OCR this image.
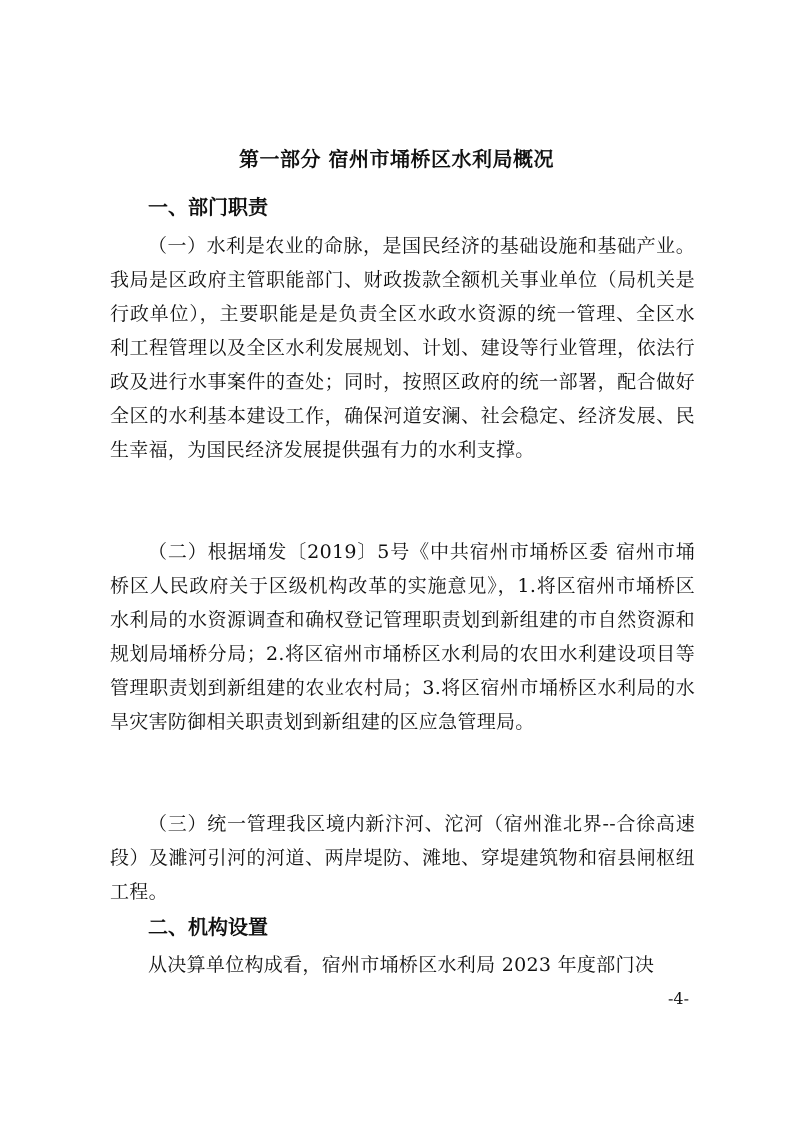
第一部分 宿州市埇桥区水利局概况
一、部门职责

（一）水利是农业的命脉，是国民经济的基础设施和基础产业。我局是区政府主管职能部门、财政拨款全额机关事业单位（局机关是行政单位），主要职能是是负责全区水政水资源的统一管理、全区水利工程管理以及全区水利发展规划、计划、建设等行业管理，依法行政及进行水事案件的查处；同时，按照区政府的统一部署，配合做好全区的水利基本建设工作，确保河道安澜、社会稳定、经济发展、民生幸福，为国民经济发展提供强有力的水利支撑。

（二）根据埇发〔2019〕5号《中共宿州市埇桥区委 宿州市埇桥区人民政府关于区级机构改革的实施意见》，1.将区宿州市埇桥区水利局的水资源调查和确权登记管理职责划到新组建的市自然资源和规划局埇桥分局；2.将区宿州市埇桥区水利局的农田水利建设项目等管理职责划到新组建的农业农村局；3.将区宿州市埇桥区水利局的水旱灾害防御相关职责划到新组建的区应急管理局。

（三）统一管理我区境内新汴河、沱河（宿州淮北界--合徐高速段）及濉河引河的河道、两岸堤防、滩地、穿堤建筑物和宿县闸枢纽工程。

二、机构设置

从决算单位构成看，宿州市埇桥区水利局 2023 年度部门决

-4-
